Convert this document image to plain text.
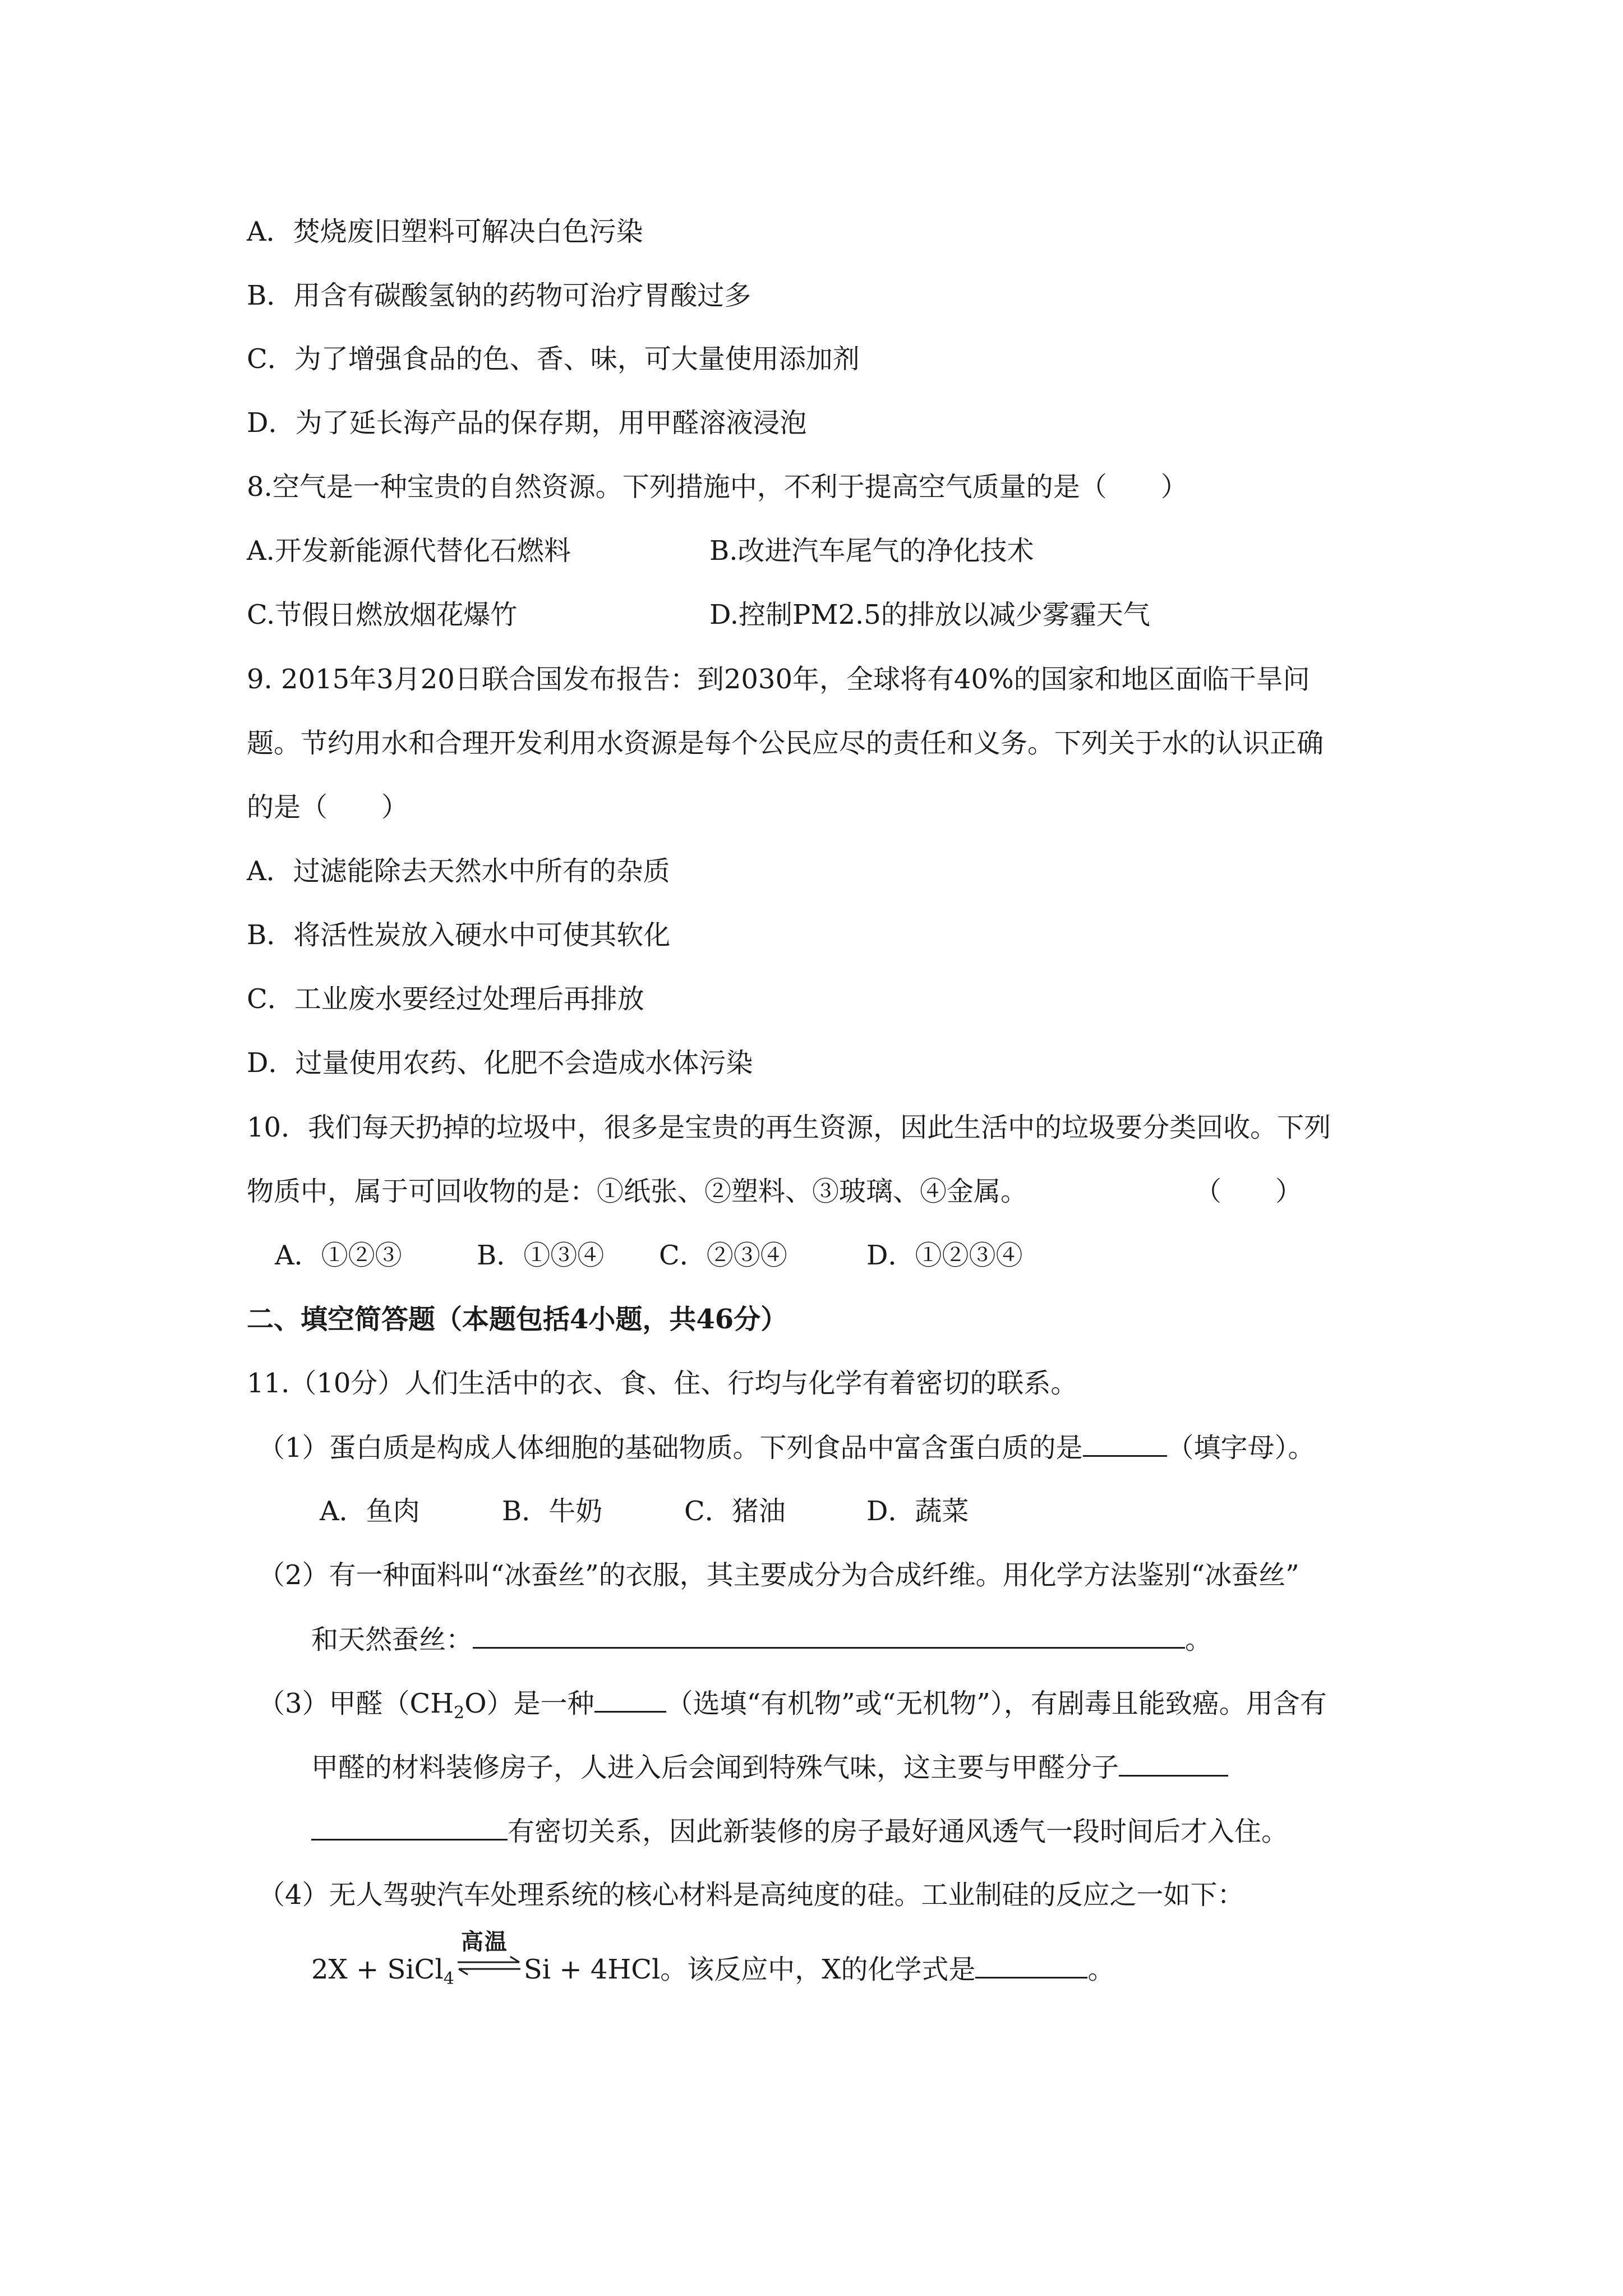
A．焚烧废旧塑料可解决白色污染
B．用含有碳酸氢钠的药物可治疗胃酸过多
C．为了增强食品的色、香、味，可大量使用添加剂
D．为了延长海产品的保存期，用甲醛溶液浸泡
8.空气是一种宝贵的自然资源。下列措施中，不利于提高空气质量的是（　　）
A.开发新能源代替化石燃料	B.改进汽车尾气的净化技术
C.节假日燃放烟花爆竹	D.控制PM2.5的排放以减少雾霾天气
9. 2015年3月20日联合国发布报告：到2030年，全球将有40%的国家和地区面临干旱问
题。节约用水和合理开发利用水资源是每个公民应尽的责任和义务。下列关于水的认识正确
的是（　　）
A．过滤能除去天然水中所有的杂质
B．将活性炭放入硬水中可使其软化
C．工业废水要经过处理后再排放
D．过量使用农药、化肥不会造成水体污染
10．我们每天扔掉的垃圾中，很多是宝贵的再生资源，因此生活中的垃圾要分类回收。下列
物质中，属于可回收物的是：①纸张、②塑料、③玻璃、④金属。	（　　）
A．①②③	B．①③④ C．②③④	D．①②③④
二、填空简答题（本题包括4小题，共46分）
11.（10分）人们生活中的衣、食、住、行均与化学有着密切的联系。
（1）蛋白质是构成人体细胞的基础物质。下列食品中富含蛋白质的是	（填字母）。
A．鱼肉	B．牛奶	C．猪油	D．蔬菜
（2）有一种面料叫“冰蚕丝”的衣服，其主要成分为合成纤维。用化学方法鉴别“冰蚕丝”
和天然蚕丝：	。
（3）甲醛$(CH_2O)$是一种	（选填“有机物”或“无机物”），有剧毒且能致癌。用含有
甲醛的材料装修房子，人进入后会闻到特殊气味，这主要与甲醛分子
有密切关系，因此新装修的房子最好通风透气一段时间后才入住。
（4）无人驾驶汽车处理系统的核心材料是高纯度的硅。工业制硅的反应之一如下：
2X + SiCl$_4$
高温
Si + 4HCl。该反应中，X的化学式是	。
